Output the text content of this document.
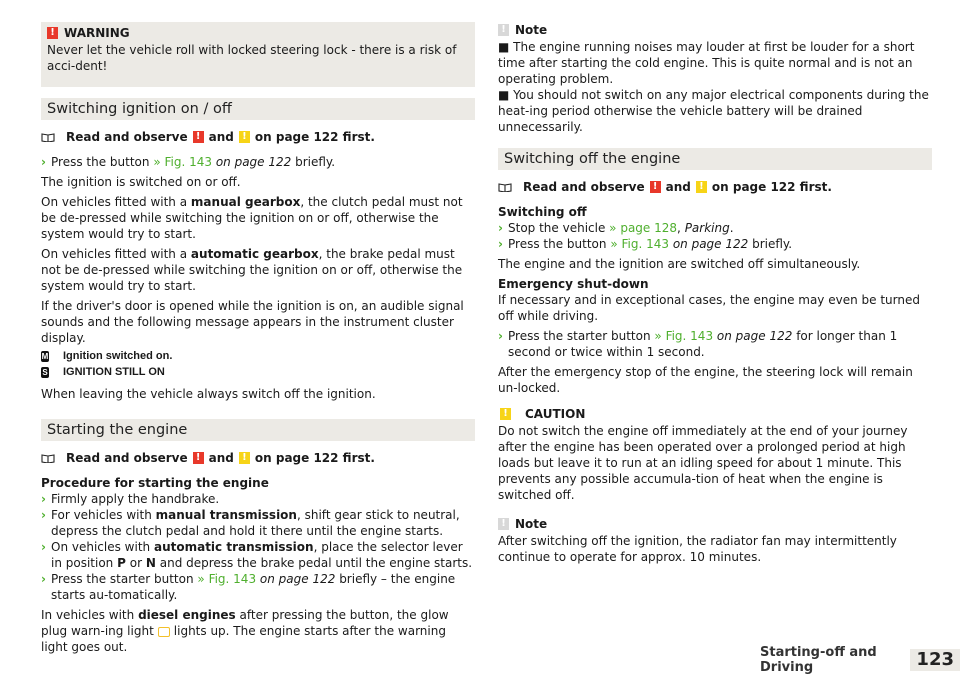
! WARNING

Never let the vehicle roll with locked steering lock - there is a risk of acci-dent!

Switching ignition on / off
Read and observe ! and ! on page 122 first.
› Press the button » Fig. 143 on page 122 briefly.

The ignition is switched on or off.

On vehicles fitted with a manual gearbox, the clutch pedal must not be de-pressed while switching the ignition on or off, otherwise the system would try to start.

On vehicles fitted with a automatic gearbox, the brake pedal must not be de-pressed while switching the ignition on or off, otherwise the system would try to start.

If the driver's door is opened while the ignition is on, an audible signal sounds and the following message appears in the instrument cluster display.

M Ignition switched on.
S IGNITION STILL ON

When leaving the vehicle always switch off the ignition.

Starting the engine
Read and observe ! and ! on page 122 first.

Procedure for starting the engine

› Firmly apply the handbrake.
› For vehicles with manual transmission, shift gear stick to neutral, depress the clutch pedal and hold it there until the engine starts.
› On vehicles with automatic transmission, place the selector lever in position P or N and depress the brake pedal until the engine starts.
› Press the starter button » Fig. 143 on page 122 briefly – the engine starts au-tomatically.

In vehicles with diesel engines after pressing the button, the glow plug warn-ing light lights up. The engine starts after the warning light goes out.

! Note

■ The engine running noises may louder at first be louder for a short time after starting the cold engine. This is quite normal and is not an operating problem.

■ You should not switch on any major electrical components during the heat-ing period otherwise the vehicle battery will be drained unnecessarily.

Switching off the engine
Read and observe ! and ! on page 122 first.

Switching off

› Stop the vehicle » page 128, Parking.
› Press the button » Fig. 143 on page 122 briefly.

The engine and the ignition are switched off simultaneously.

Emergency shut-down

If necessary and in exceptional cases, the engine may even be turned off while driving.

› Press the starter button » Fig. 143 on page 122 for longer than 1 second or twice within 1 second.

After the emergency stop of the engine, the steering lock will remain un-locked.

! CAUTION

Do not switch the engine off immediately at the end of your journey after the engine has been operated over a prolonged period at high loads but leave it to run at an idling speed for about 1 minute. This prevents any possible accumula-tion of heat when the engine is switched off.

! Note

After switching off the ignition, the radiator fan may intermittently continue to operate for approx. 10 minutes.

Starting-off and Driving	123
